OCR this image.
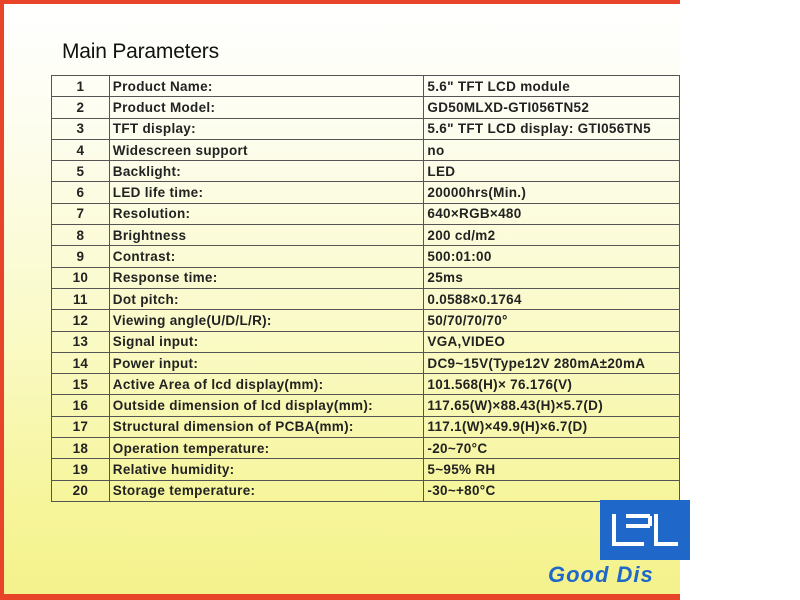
Main Parameters
1	Product Name:	5.6" TFT LCD module
2	Product Model:	GD50MLXD-GTI056TN52
3	TFT display:	5.6" TFT LCD display: GTI056TN5
4	Widescreen support	no
5	Backlight:	LED
6	LED life time:	20000hrs(Min.)
7	Resolution:	640×RGB×480
8	Brightness	200 cd/m2
9	Contrast:	500:01:00
10	Response time:	25ms
11	Dot pitch:	0.0588×0.1764
12	Viewing angle(U/D/L/R):	50/70/70/70°
13	Signal input:	VGA,VIDEO
14	Power input:	DC9~15V(Type12V 280mA±20mA
15	Active Area of lcd display(mm):	101.568(H)× 76.176(V)
16	Outside dimension of lcd display(mm):	117.65(W)×88.43(H)×5.7(D)
17	Structural dimension of PCBA(mm):	117.1(W)×49.9(H)×6.7(D)
18	Operation temperature:	-20~70°C
19	Relative humidity:	5~95% RH
20	Storage temperature:	-30~+80°C
Good Dis
